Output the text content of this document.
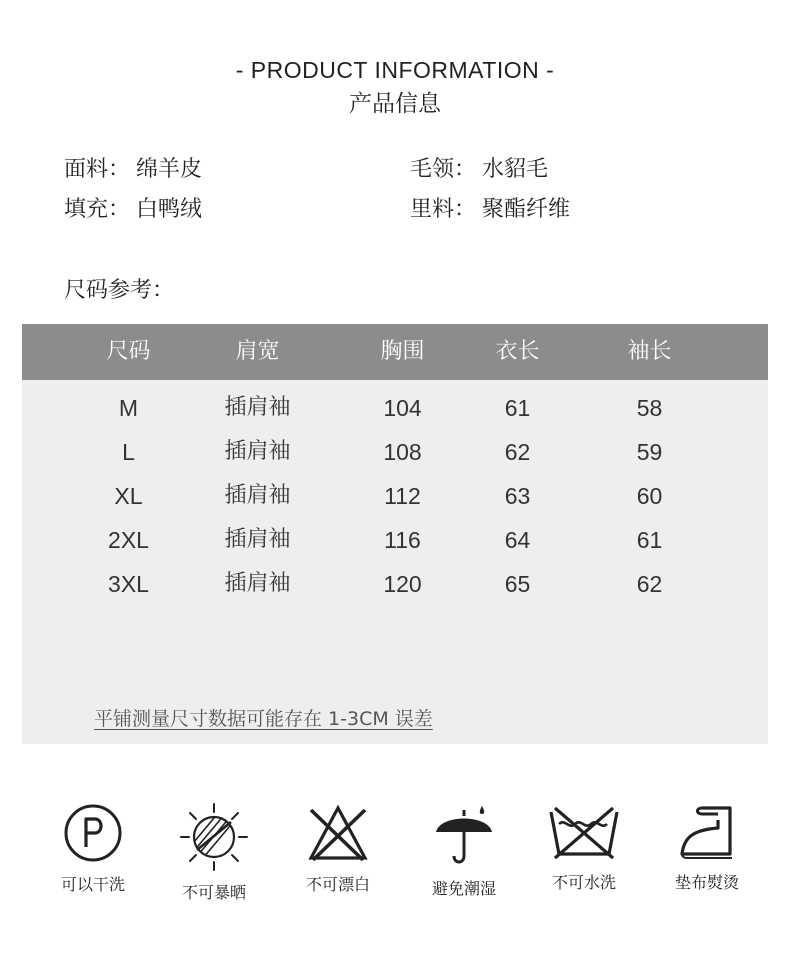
- PRODUCT INFORMATION -
产品信息
面料： 绵羊皮	毛领： 水貂毛
填充： 白鸭绒	里料： 聚酯纤维
尺码参考：
尺码	肩宽	胸围	衣长	袖长
M	插肩袖	104	61	58
L	插肩袖	108	62	59
XL	插肩袖	112	63	60
2XL	插肩袖	116	64	61
3XL	插肩袖	120	65	62
平铺测量尺寸数据可能存在 1-3CM 误差
可以干洗	不可暴晒	不可漂白	避免潮湿	不可水洗	垫布熨烫
